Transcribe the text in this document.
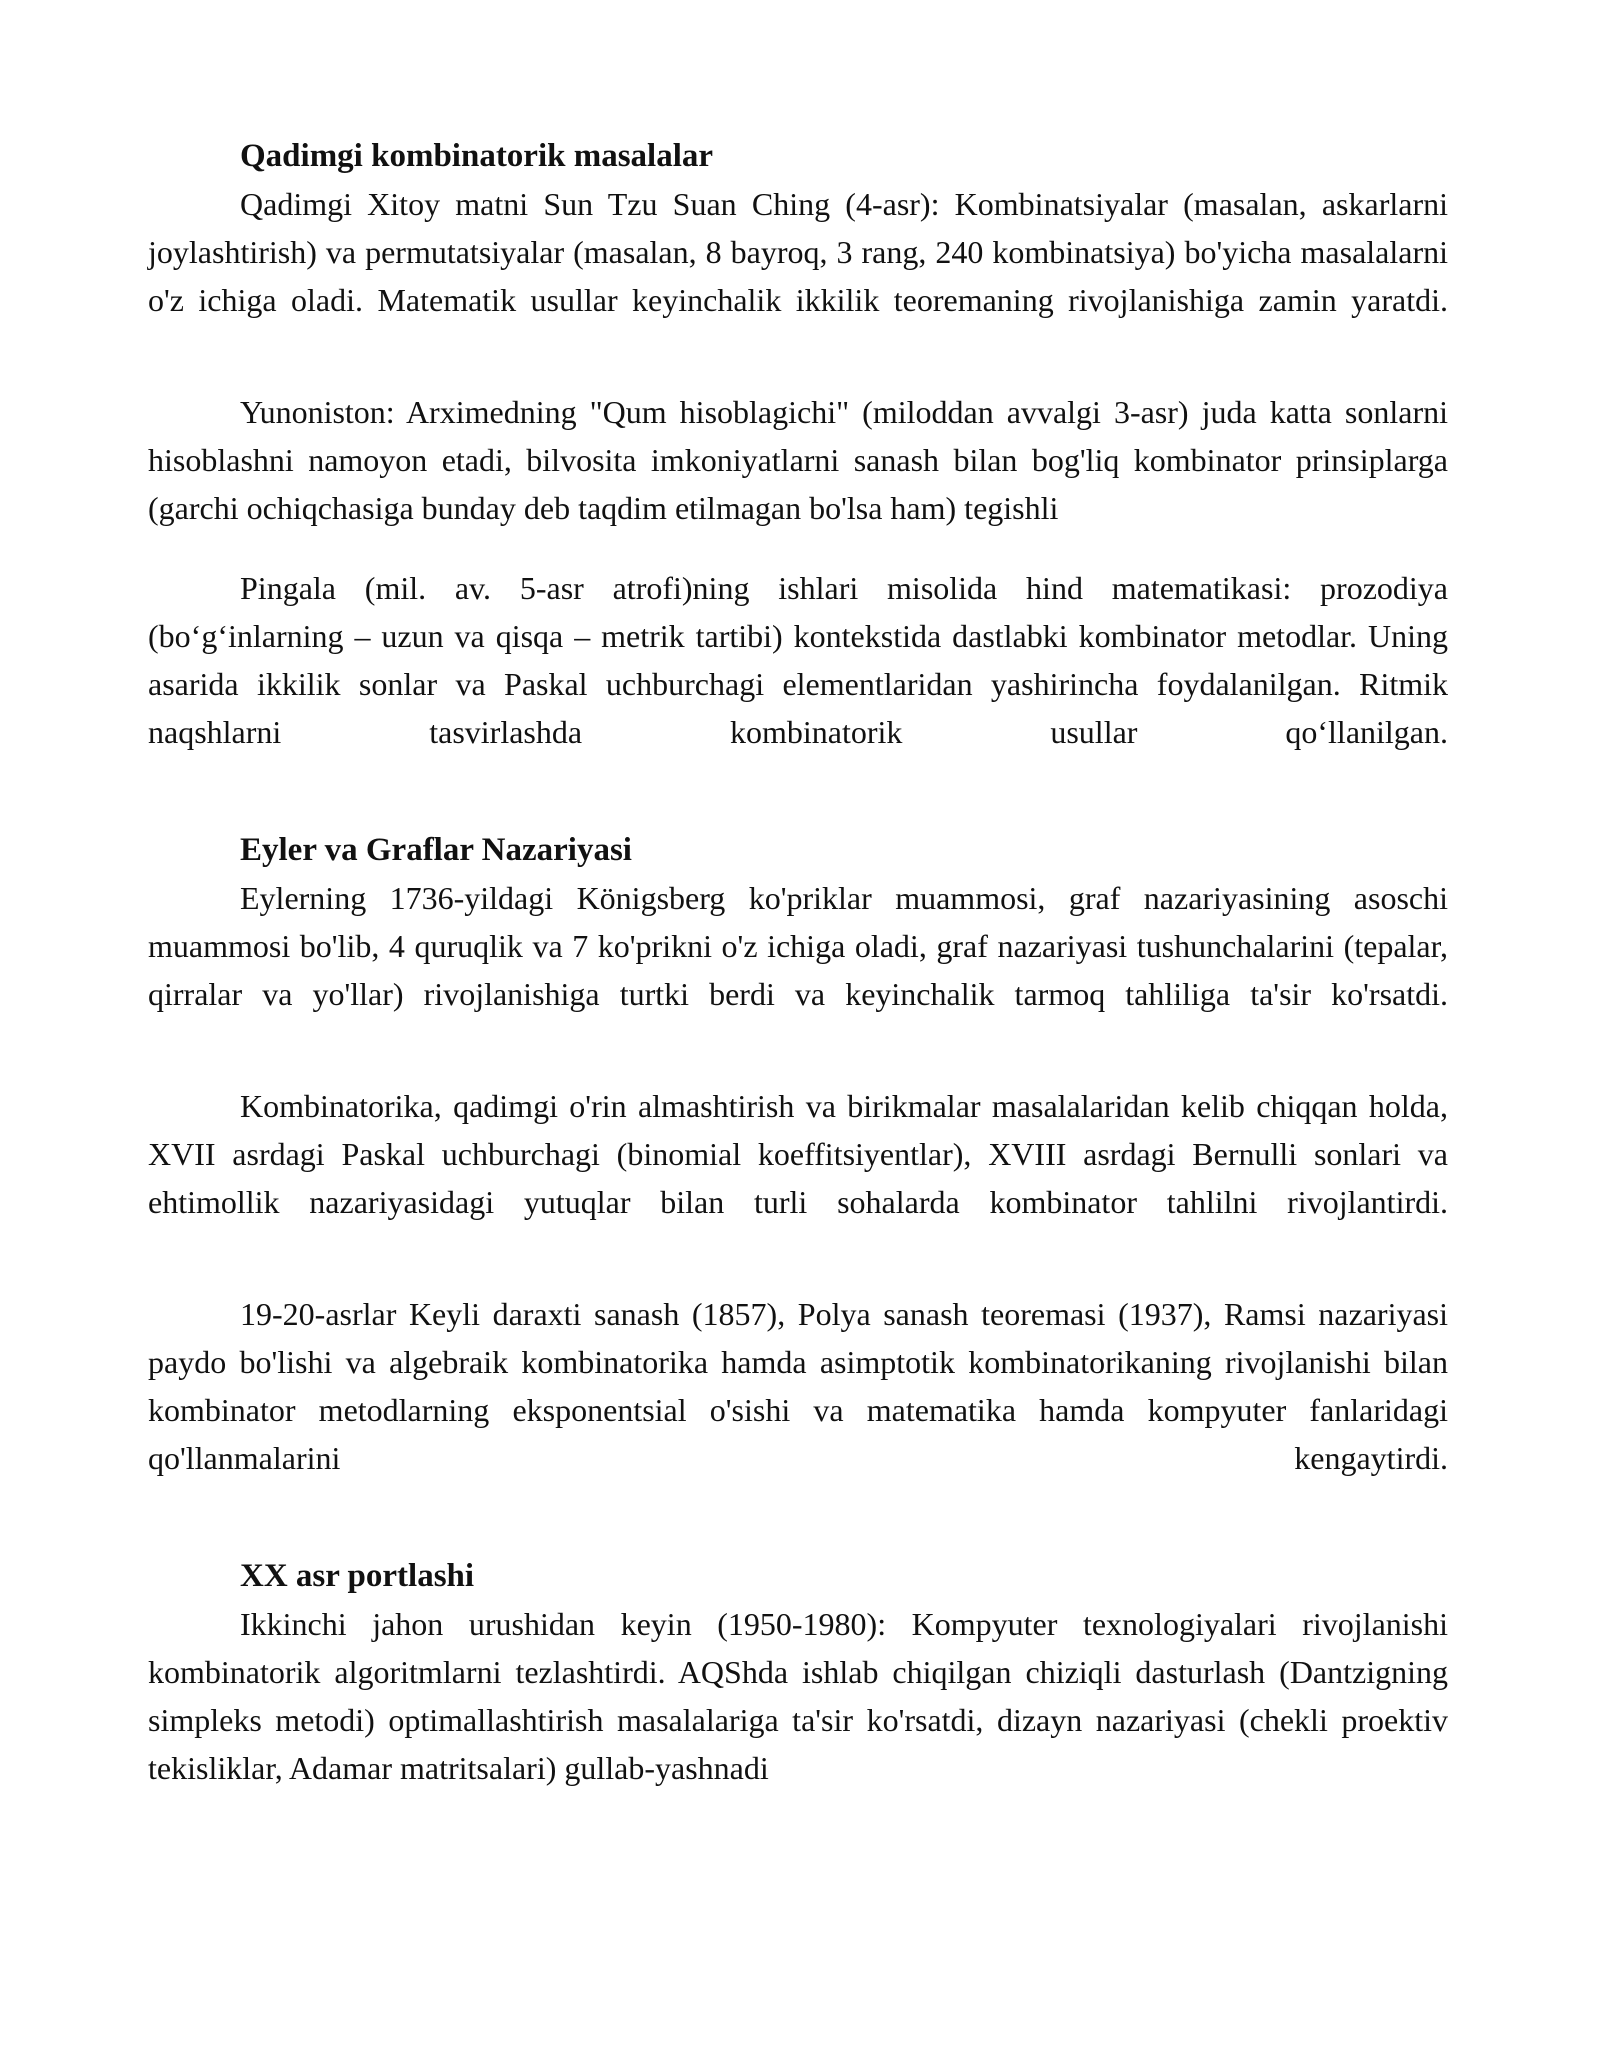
Qadimgi kombinatorik masalalar

Qadimgi Xitoy matni Sun Tzu Suan Ching (4-asr): Kombinatsiyalar (masalan, askarlarni joylashtirish) va permutatsiyalar (masalan, 8 bayroq, 3 rang, 240 kombinatsiya) bo'yicha masalalarni o'z ichiga oladi. Matematik usullar keyinchalik ikkilik teoremaning rivojlanishiga zamin yaratdi.

Yunoniston: Arximedning "Qum hisoblagichi" (miloddan avvalgi 3-asr) juda katta sonlarni hisoblashni namoyon etadi, bilvosita imkoniyatlarni sanash bilan bog'liq kombinator prinsiplarga (garchi ochiqchasiga bunday deb taqdim etilmagan bo'lsa ham) tegishli

Pingala (mil. av. 5-asr atrofi)ning ishlari misolida hind matematikasi: prozodiya (bo‘g‘inlarning – uzun va qisqa – metrik tartibi) kontekstida dastlabki kombinator metodlar. Uning asarida ikkilik sonlar va Paskal uchburchagi elementlaridan yashirincha foydalanilgan. Ritmik naqshlarni tasvirlashda kombinatorik usullar qo‘llanilgan.

Eyler va Graflar Nazariyasi

Eylerning 1736-yildagi Königsberg ko'priklar muammosi, graf nazariyasining asoschi muammosi bo'lib, 4 quruqlik va 7 ko'prikni o'z ichiga oladi, graf nazariyasi tushunchalarini (tepalar, qirralar va yo'llar) rivojlanishiga turtki berdi va keyinchalik tarmoq tahliliga ta'sir ko'rsatdi.

Kombinatorika, qadimgi o'rin almashtirish va birikmalar masalalaridan kelib chiqqan holda, XVII asrdagi Paskal uchburchagi (binomial koeffitsiyentlar), XVIII asrdagi Bernulli sonlari va ehtimollik nazariyasidagi yutuqlar bilan turli sohalarda kombinator tahlilni rivojlantirdi.

19-20-asrlar Keyli daraxti sanash (1857), Polya sanash teoremasi (1937), Ramsi nazariyasi paydo bo'lishi va algebraik kombinatorika hamda asimptotik kombinatorikaning rivojlanishi bilan kombinator metodlarning eksponentsial o'sishi va matematika hamda kompyuter fanlaridagi qo'llanmalarini kengaytirdi.

XX asr portlashi

Ikkinchi jahon urushidan keyin (1950-1980): Kompyuter texnologiyalari rivojlanishi kombinatorik algoritmlarni tezlashtirdi. AQShda ishlab chiqilgan chiziqli dasturlash (Dantzigning simpleks metodi) optimallashtirish masalalariga ta'sir ko'rsatdi, dizayn nazariyasi (chekli proektiv tekisliklar, Adamar matritsalari) gullab-yashnadi
